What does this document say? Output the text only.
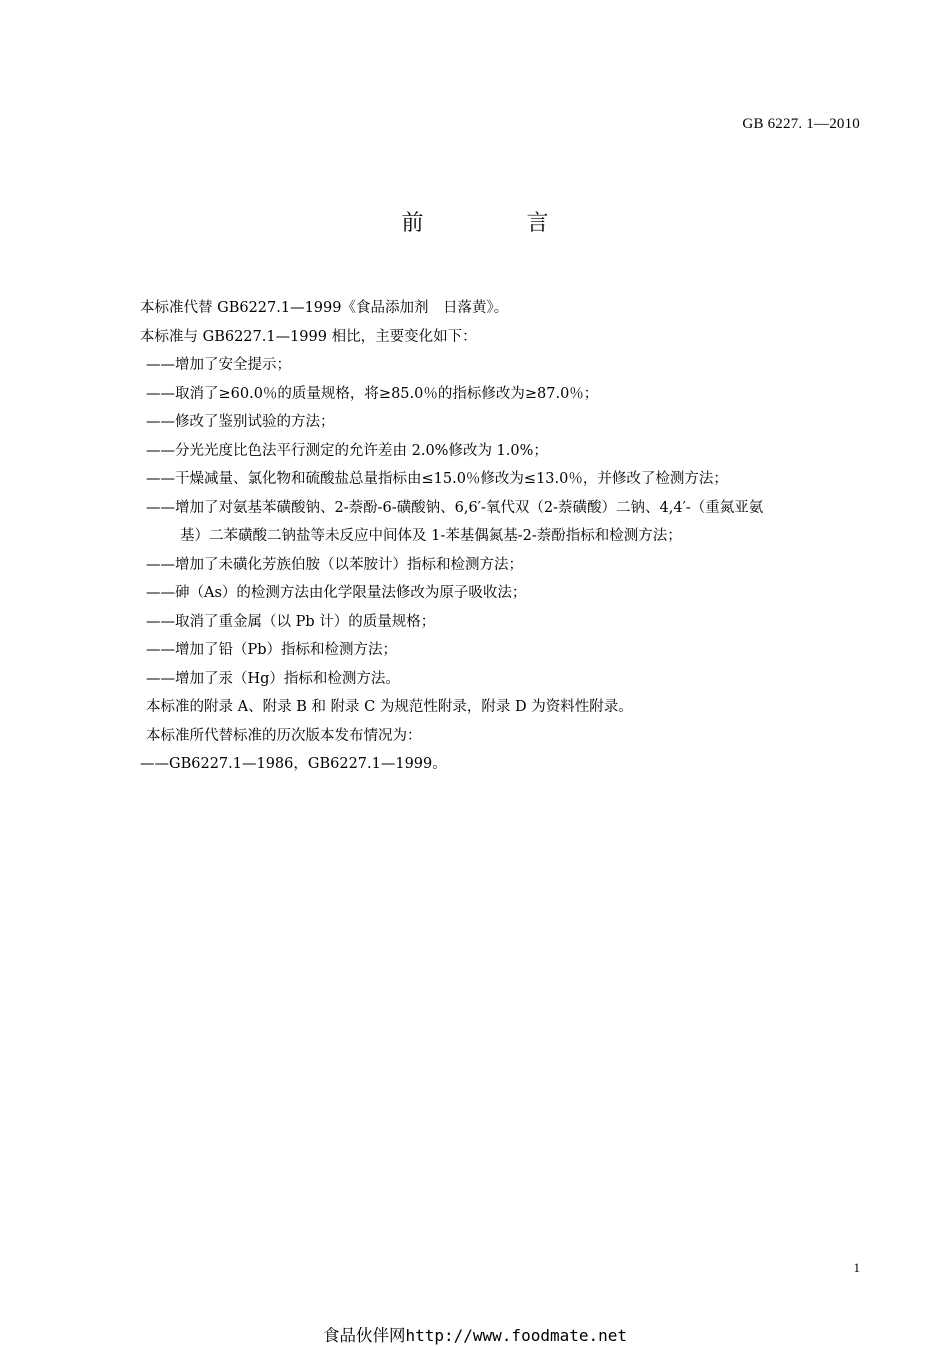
GB 6227. 1—2010
前 言
本标准代替 GB6227.1—1999《食品添加剂　日落黄》。
本标准与 GB6227.1—1999 相比，主要变化如下：
——增加了安全提示；
——取消了≥60.0％的质量规格，将≥85.0％的指标修改为≥87.0％；
——修改了鉴别试验的方法；
——分光光度比色法平行测定的允许差由 2.0%修改为 1.0%；
——干燥减量、氯化物和硫酸盐总量指标由≤15.0％修改为≤13.0％，并修改了检测方法；
——增加了对氨基苯磺酸钠、2-萘酚-6-磺酸钠、6,6′-氧代双（2-萘磺酸）二钠、4,4′-（重氮亚氨
基）二苯磺酸二钠盐等未反应中间体及 1-苯基偶氮基-2-萘酚指标和检测方法；
——增加了未磺化芳族伯胺（以苯胺计）指标和检测方法；
——砷（As）的检测方法由化学限量法修改为原子吸收法；
——取消了重金属（以 Pb 计）的质量规格；
——增加了铅（Pb）指标和检测方法；
——增加了汞（Hg）指标和检测方法。
本标准的附录 A、附录 B 和 附录 C 为规范性附录，附录 D 为资料性附录。
本标准所代替标准的历次版本发布情况为：
——GB6227.1—1986，GB6227.1—1999。
1
食品伙伴网http://www.foodmate.net
